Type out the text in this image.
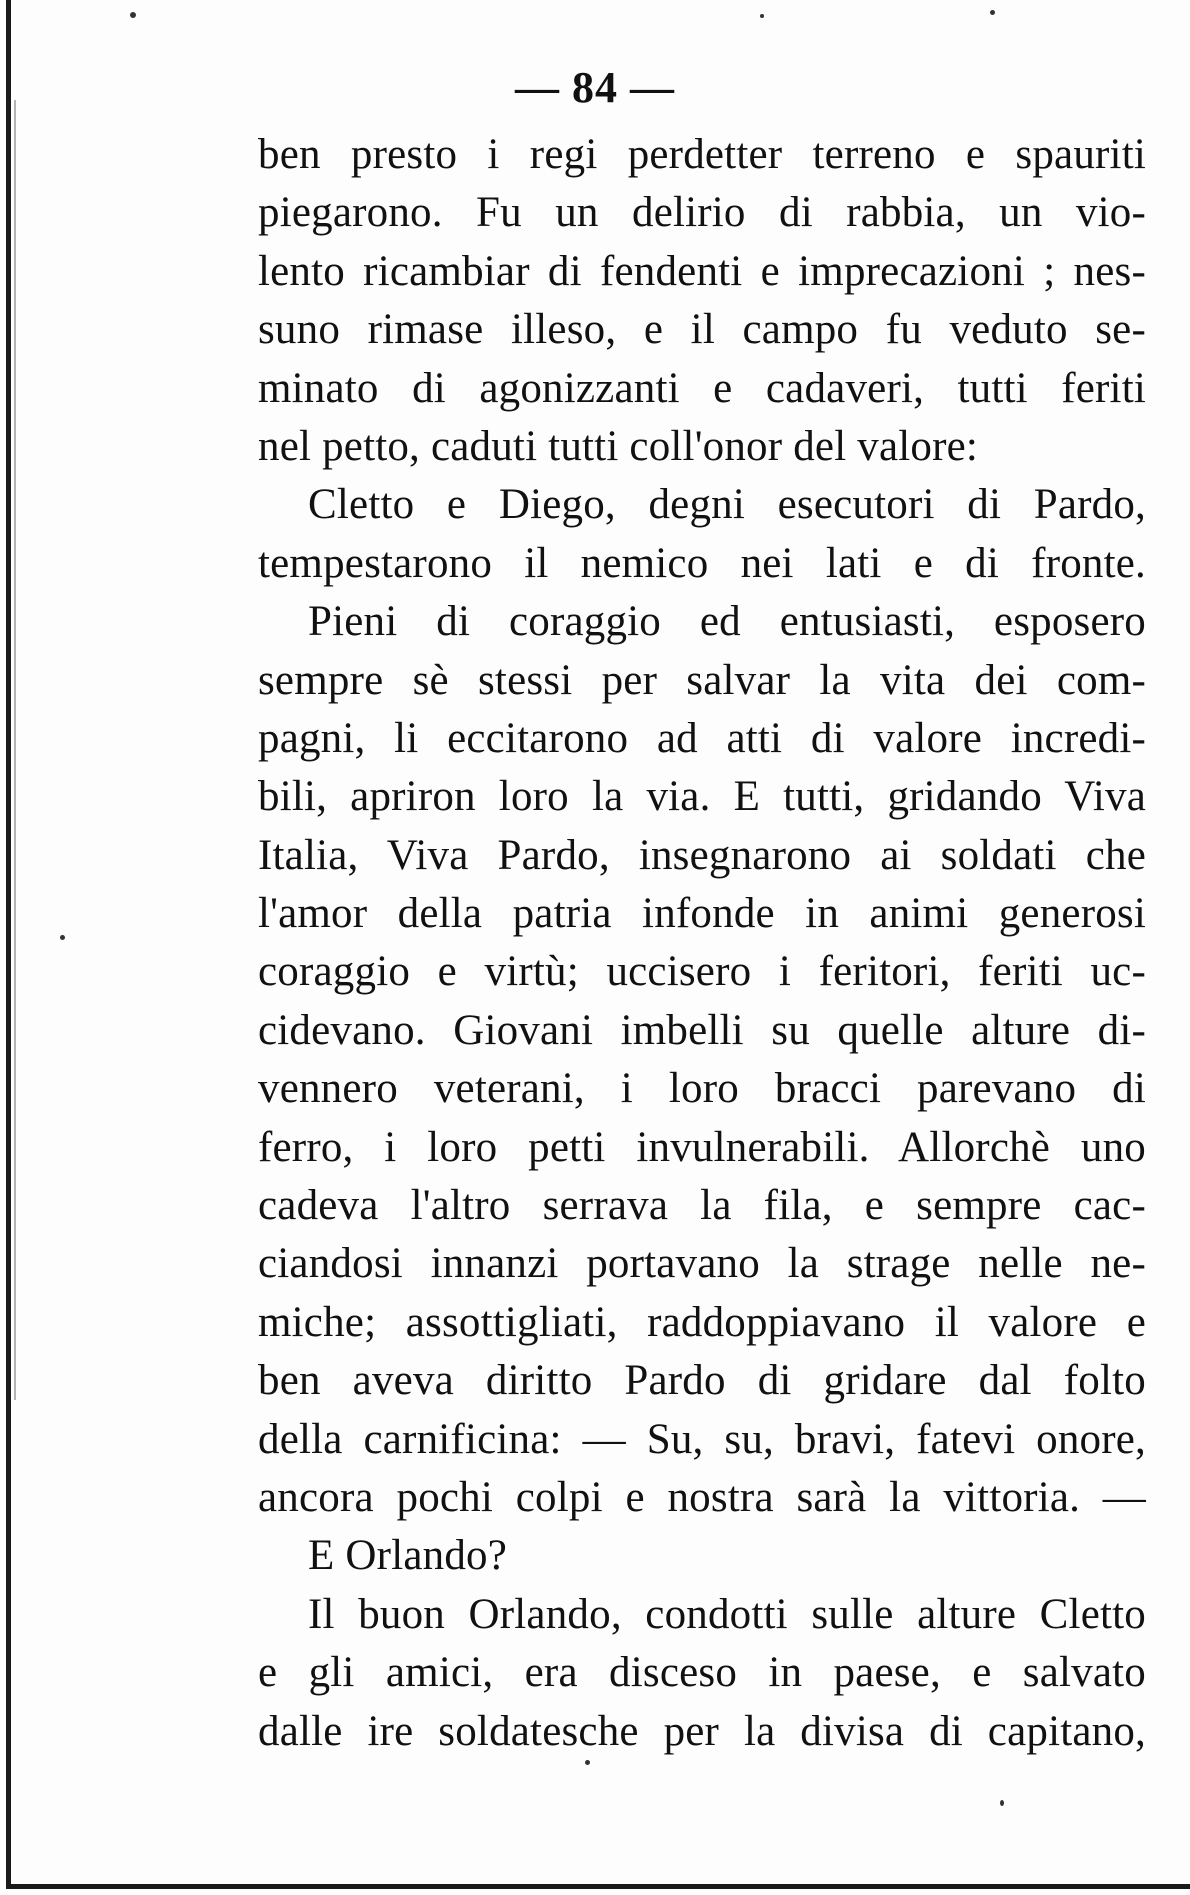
— 84 —
ben presto i regi perdetter terreno e spauriti
piegarono. Fu un delirio di rabbia, un vio-
lento ricambiar di fendenti e imprecazioni ; nes-
suno rimase illeso, e il campo fu veduto se-
minato di agonizzanti e cadaveri, tutti feriti
nel petto, caduti tutti coll'onor del valore:
Cletto e Diego, degni esecutori di Pardo,
tempestarono il nemico nei lati e di fronte.
Pieni di coraggio ed entusiasti, esposero
sempre sè stessi per salvar la vita dei com-
pagni, li eccitarono ad atti di valore incredi-
bili, apriron loro la via. E tutti, gridando Viva
Italia, Viva Pardo, insegnarono ai soldati che
l'amor della patria infonde in animi generosi
coraggio e virtù; uccisero i feritori, feriti uc-
cidevano. Giovani imbelli su quelle alture di-
vennero veterani, i loro bracci parevano di
ferro, i loro petti invulnerabili. Allorchè uno
cadeva l'altro serrava la fila, e sempre cac-
ciandosi innanzi portavano la strage nelle ne-
miche; assottigliati, raddoppiavano il valore e
ben aveva diritto Pardo di gridare dal folto
della carnificina: — Su, su, bravi, fatevi onore,
ancora pochi colpi e nostra sarà la vittoria. —
E Orlando?
Il buon Orlando, condotti sulle alture Cletto
e gli amici, era disceso in paese, e salvato
dalle ire soldatesche per la divisa di capitano,
